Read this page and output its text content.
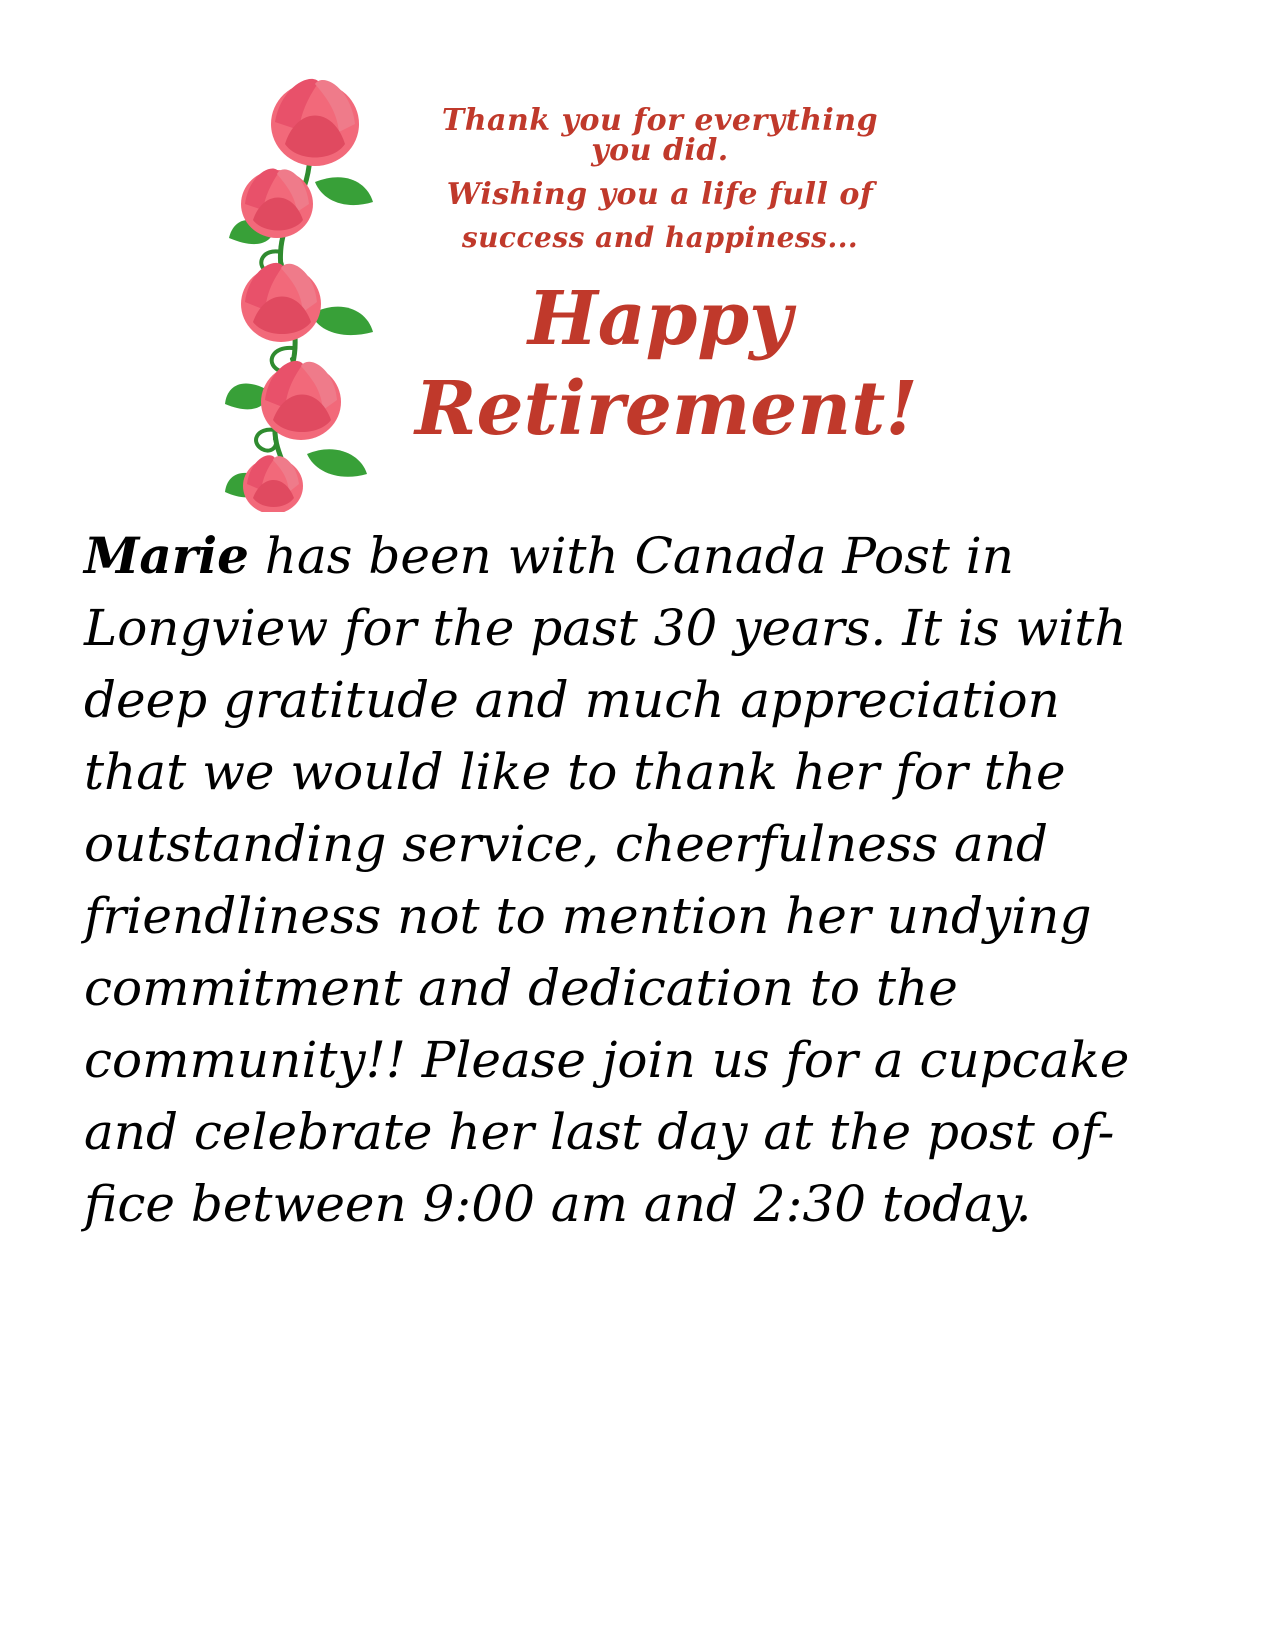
Thank you for everything you did.
Wishing you a life full of
success and happiness...
Happy
Retirement!
Marie has been with Canada Post in Longview for the past 30 years. It is with deep gratitude and much appreciation that we would like to thank her for the outstanding service, cheerfulness and friendliness not to mention her undying commitment and dedication to the community!! Please join us for a cupcake and celebrate her last day at the post of-fice between 9:00 am and 2:30 today.
